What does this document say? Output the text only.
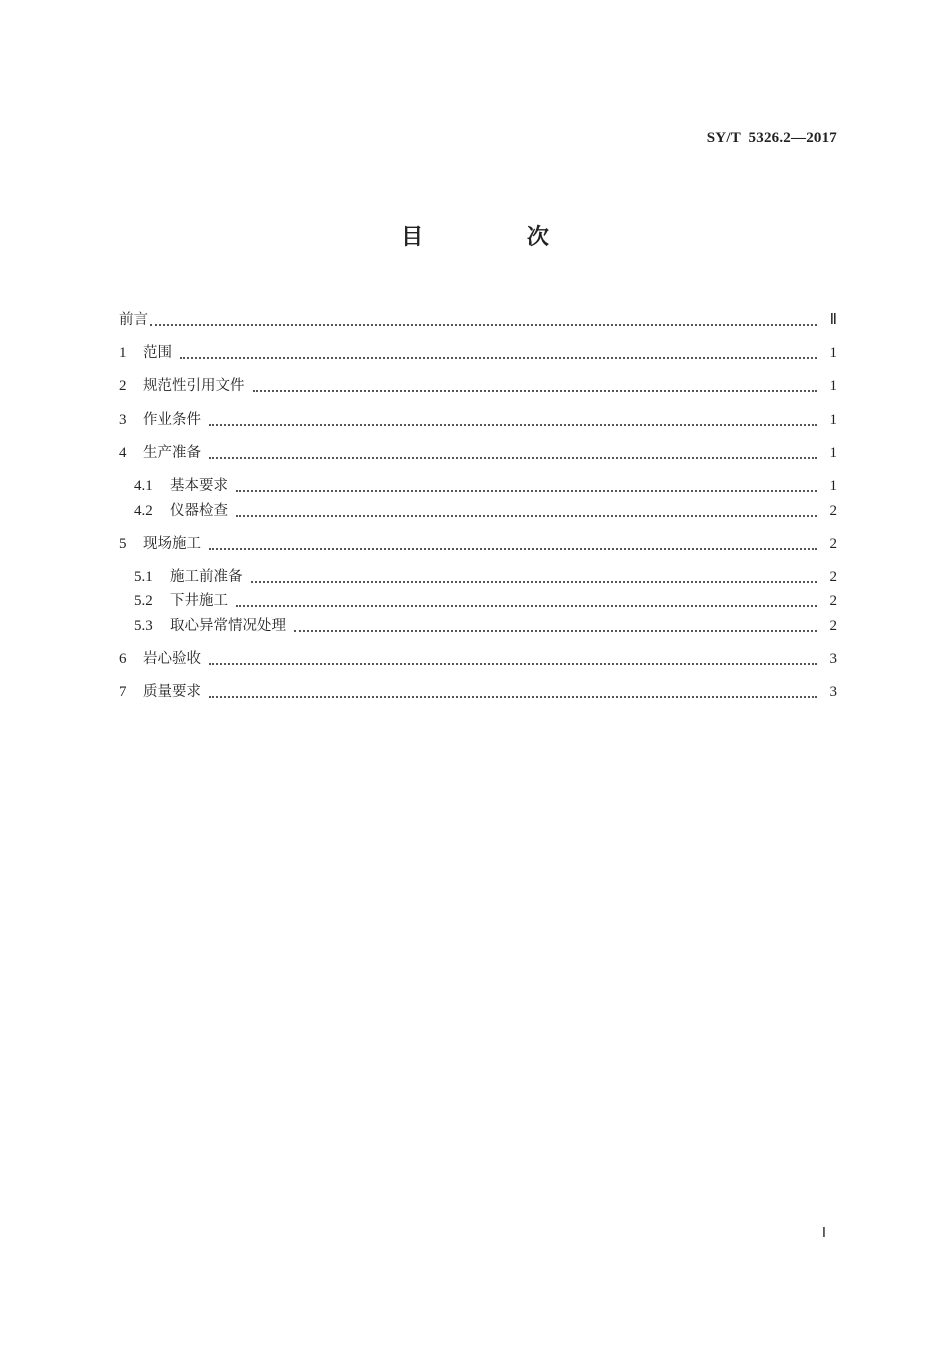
SY/T  5326.2—2017
目 次
前言	Ⅱ
1	范围	1
2	规范性引用文件	1
3	作业条件	1
4	生产准备	1
4.1	基本要求	1
4.2	仪器检查	2
5	现场施工	2
5.1	施工前准备	2
5.2	下井施工	2
5.3	取心异常情况处理	2
6	岩心验收	3
7	质量要求	3
Ⅰ
